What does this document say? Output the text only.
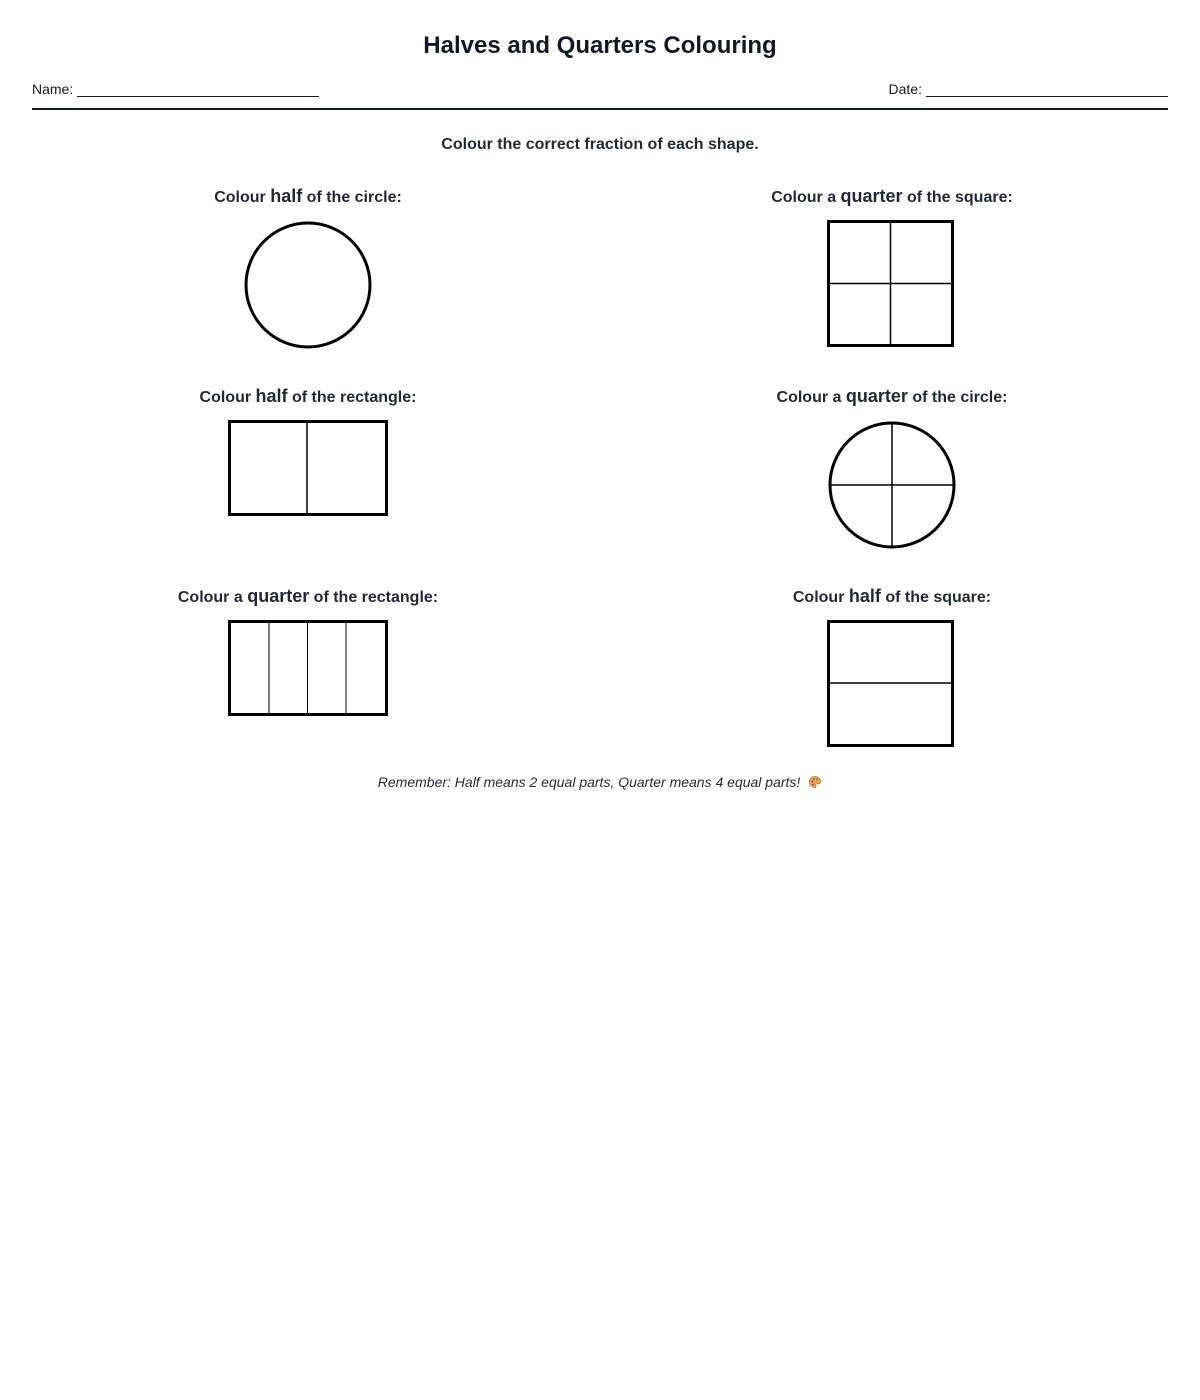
Halves and Quarters Colouring
Name:	Date:
Colour the correct fraction of each shape.
Colour half of the circle:	Colour a quarter of the square:
Colour half of the rectangle:	Colour a quarter of the circle:
Colour a quarter of the rectangle:	Colour half of the square:
Remember: Half means 2 equal parts, Quarter means 4 equal parts!
